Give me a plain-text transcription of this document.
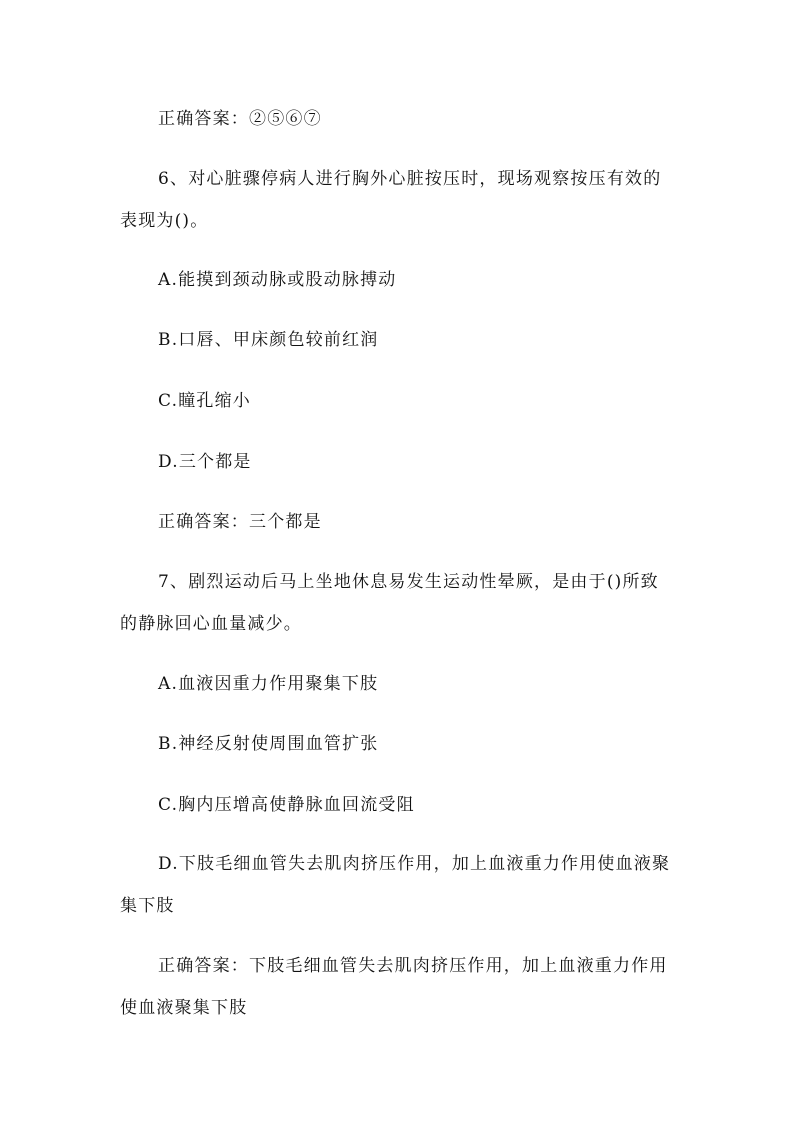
正确答案：②⑤⑥⑦
6、对心脏骤停病人进行胸外心脏按压时，现场观察按压有效的表现为()。
A.能摸到颈动脉或股动脉搏动
B.口唇、甲床颜色较前红润
C.瞳孔缩小
D.三个都是
正确答案：三个都是
7、剧烈运动后马上坐地休息易发生运动性晕厥，是由于()所致的静脉回心血量减少。
A.血液因重力作用聚集下肢
B.神经反射使周围血管扩张
C.胸内压增高使静脉血回流受阻
D.下肢毛细血管失去肌肉挤压作用，加上血液重力作用使血液聚集下肢
正确答案：下肢毛细血管失去肌肉挤压作用，加上血液重力作用使血液聚集下肢
